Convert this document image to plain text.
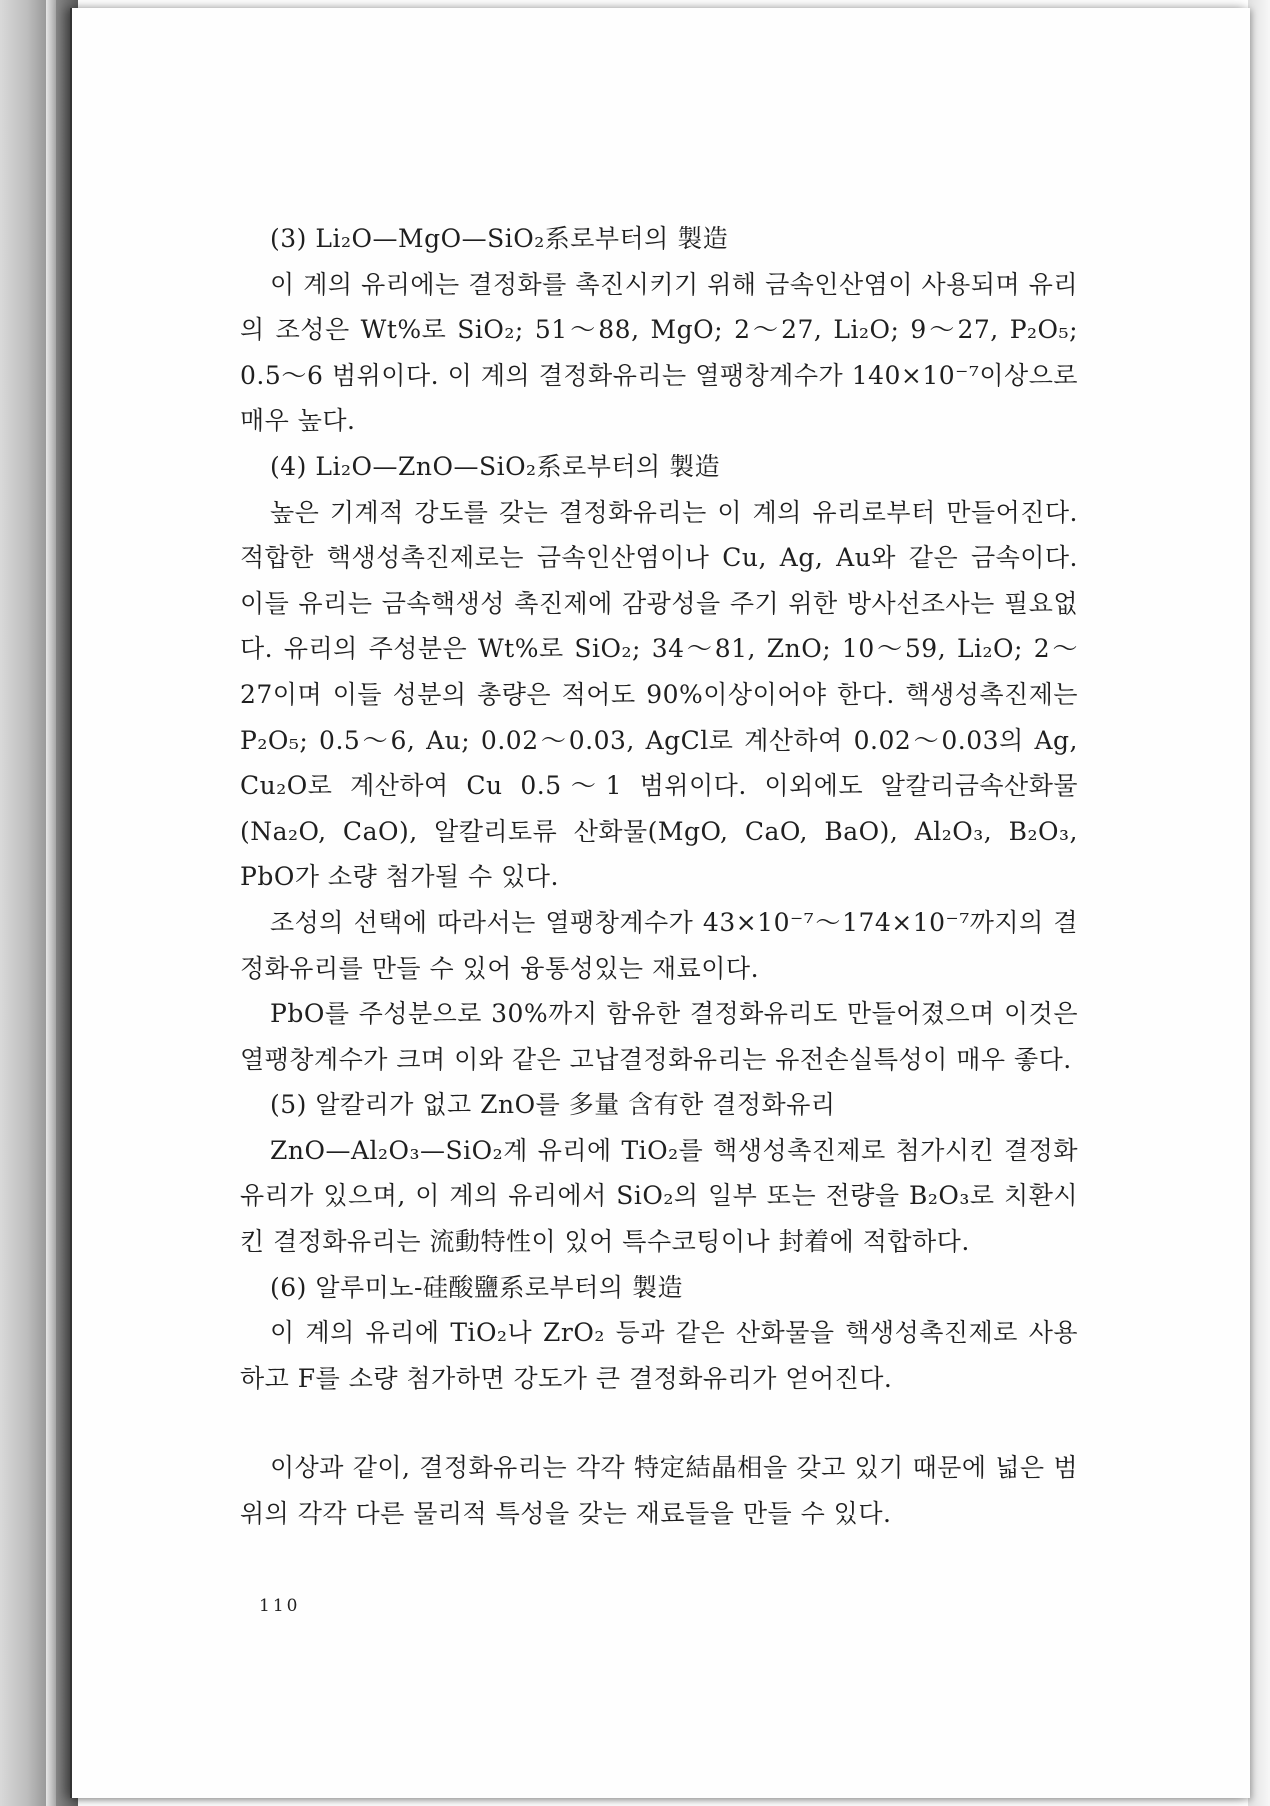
(3) Li₂O—MgO—SiO₂系로부터의 製造

이 계의 유리에는 결정화를 촉진시키기 위해 금속인산염이 사용되며 유리의 조성은 Wt%로 SiO₂; 51～88, MgO; 2～27, Li₂O; 9～27, P₂O₅; 0.5～6 범위이다. 이 계의 결정화유리는 열팽창계수가 140×10⁻⁷이상으로 매우 높다.

(4) Li₂O—ZnO—SiO₂系로부터의 製造

높은 기계적 강도를 갖는 결정화유리는 이 계의 유리로부터 만들어진다. 적합한 핵생성촉진제로는 금속인산염이나 Cu, Ag, Au와 같은 금속이다. 이들 유리는 금속핵생성 촉진제에 감광성을 주기 위한 방사선조사는 필요없다. 유리의 주성분은 Wt%로 SiO₂; 34～81, ZnO; 10～59, Li₂O; 2～27이며 이들 성분의 총량은 적어도 90%이상이어야 한다. 핵생성촉진제는 P₂O₅; 0.5～6, Au; 0.02～0.03, AgCl로 계산하여 0.02～0.03의 Ag, Cu₂O로 계산하여 Cu 0.5～1 범위이다. 이외에도 알칼리금속산화물(Na₂O, CaO), 알칼리토류 산화물(MgO, CaO, BaO), Al₂O₃, B₂O₃, PbO가 소량 첨가될 수 있다.

조성의 선택에 따라서는 열팽창계수가 43×10⁻⁷～174×10⁻⁷까지의 결정화유리를 만들 수 있어 융통성있는 재료이다.

PbO를 주성분으로 30%까지 함유한 결정화유리도 만들어졌으며 이것은 열팽창계수가 크며 이와 같은 고납결정화유리는 유전손실특성이 매우 좋다.

(5) 알칼리가 없고 ZnO를 多量 含有한 결정화유리

ZnO—Al₂O₃—SiO₂계 유리에 TiO₂를 핵생성촉진제로 첨가시킨 결정화유리가 있으며, 이 계의 유리에서 SiO₂의 일부 또는 전량을 B₂O₃로 치환시킨 결정화유리는 流動特性이 있어 특수코팅이나 封着에 적합하다.

(6) 알루미노-硅酸鹽系로부터의 製造

이 계의 유리에 TiO₂나 ZrO₂ 등과 같은 산화물을 핵생성촉진제로 사용하고 F를 소량 첨가하면 강도가 큰 결정화유리가 얻어진다.

이상과 같이, 결정화유리는 각각 特定結晶相을 갖고 있기 때문에 넓은 범위의 각각 다른 물리적 특성을 갖는 재료들을 만들 수 있다.

110
